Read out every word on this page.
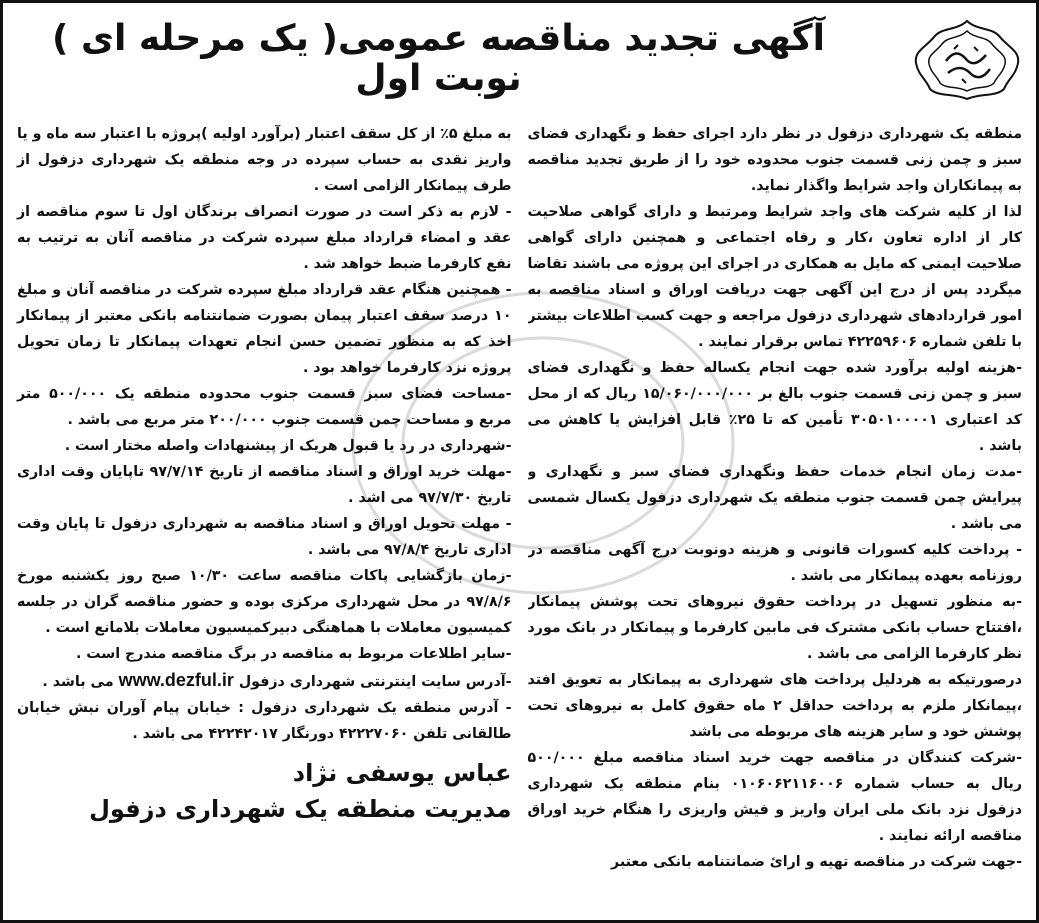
آگهی تجدید مناقصه عمومی( یک مرحله ای ) نوبت اول

منطقه یک شهرداری دزفول در نظر دارد اجرای حفظ و نگهداری فضای سبز و چمن زنی قسمت جنوب محدوده خود را از طریق تجدید مناقصه به پیمانکاران واجد شرایط واگذار نماید.

لذا از کلیه شرکت های واجد شرایط ومرتبط و دارای گواهی صلاحیت کار از اداره تعاون ،کار و رفاه اجتماعی و همچنین دارای گواهی صلاحیت ایمنی که مایل به همکاری در اجرای این پروژه می باشند تقاضا میگردد پس از درج این آگهی جهت دریافت اوراق و اسناد مناقصه به امور قراردادهای شهرداری دزفول مراجعه و جهت کسب اطلاعات بیشتر با تلفن شماره ۴۲۲۵۹۶۰۶ تماس برقرار نمایند .

-هزینه اولیه برآورد شده جهت انجام یکساله حفظ و نگهداری فضای سبز و چمن زنی قسمت جنوب بالغ بر ۱۵/۰۶۰/۰۰۰/۰۰۰ ریال که از محل کد اعتباری ۳۰۵۰۱۰۰۰۰۱ تأمین که تا ۲۵٪ قابل افزایش یا کاهش می باشد .

-مدت زمان انجام خدمات حفظ ونگهداری فضای سبز و نگهداری و پیرایش چمن قسمت جنوب منطقه یک شهرداری دزفول یکسال شمسی می باشد .

- پرداخت کلیه کسورات قانونی و هزینه دونوبت درج آگهی مناقصه در روزنامه بعهده پیمانکار می باشد .

-به منظور تسهیل در پرداخت حقوق نیروهای تحت پوشش پیمانکار ،افتتاح حساب بانکی مشترک فی مابین کارفرما و پیمانکار در بانک مورد نظر کارفرما الزامی می باشد .

درصورتیکه به هردلیل پرداخت های شهرداری به پیمانکار به تعویق افتد ،پیمانکار ملزم به پرداخت حداقل ۲ ماه حقوق کامل به نیروهای تحت پوشش خود و سایر هزینه های مربوطه می باشد

-شرکت کنندگان در مناقصه جهت خرید اسناد مناقصه مبلغ ۵۰۰/۰۰۰ ریال به حساب شماره ۰۱۰۶۰۶۲۱۱۶۰۰۶ بنام منطقه یک شهرداری دزفول نزد بانک ملی ایران واریز و فیش واریزی را هنگام خرید اوراق مناقصه ارائه نمایند .

-جهت شرکت در مناقصه تهیه و ارائ ضمانتنامه بانکی معتبر

به مبلغ ۵٪ از کل سقف اعتبار (برآورد اولیه )پروژه با اعتبار سه ماه و یا واریز نقدی به حساب سپرده در وجه منطقه یک شهرداری دزفول از طرف پیمانکار الزامی است .

- لازم به ذکر است در صورت انصراف برندگان اول تا سوم مناقصه از عقد و امضاء قرارداد مبلغ سپرده شرکت در مناقصه آنان به ترتیب به نفع کارفرما ضبط خواهد شد .

- همچنین هنگام عقد قرارداد مبلغ سپرده شرکت در مناقصه آنان و مبلغ ۱۰ درصد سقف اعتبار پیمان بصورت ضمانتنامه بانکی معتبر از پیمانکار اخذ که به منظور تضمین حسن انجام تعهدات پیمانکار تا زمان تحویل پروژه نزد کارفرما خواهد بود .

-مساحت فضای سبز قسمت جنوب محدوده منطقه یک ۵۰۰/۰۰۰ متر مربع و مساحت چمن قسمت جنوب ۲۰۰/۰۰۰ متر مربع می باشد .

-شهرداری در رد یا قبول هریک از پیشنهادات واصله مختار است .

-مهلت خرید اوراق و اسناد مناقصه از تاریخ ۹۷/۷/۱۴ تاپایان وقت اداری تاریخ ۹۷/۷/۳۰ می اشد .

- مهلت تحویل اوراق و اسناد مناقصه به شهرداری دزفول تا پایان وقت اداری تاریخ ۹۷/۸/۴ می باشد .

-زمان بازگشایی پاکات مناقصه ساعت ۱۰/۳۰ صبح روز یکشنبه مورخ ۹۷/۸/۶ در محل شهرداری مرکزی بوده و حضور مناقصه گران در جلسه کمیسیون معاملات با هماهنگی دبیرکمیسیون معاملات بلامانع است .

-سایر اطلاعات مربوط به مناقصه در برگ مناقصه مندرج است .

-آدرس سایت اینترنتی شهرداری دزفول www.dezful.ir می باشد .

- آدرس منطقه یک شهرداری دزفول : خیابان پیام آوران نبش خیابان طالقانی تلفن ۴۲۲۲۷۰۶۰ دورنگار ۴۲۲۴۲۰۱۷ می باشد .

عباس یوسفی نژاد
مدیریت منطقه یک شهرداری دزفول
